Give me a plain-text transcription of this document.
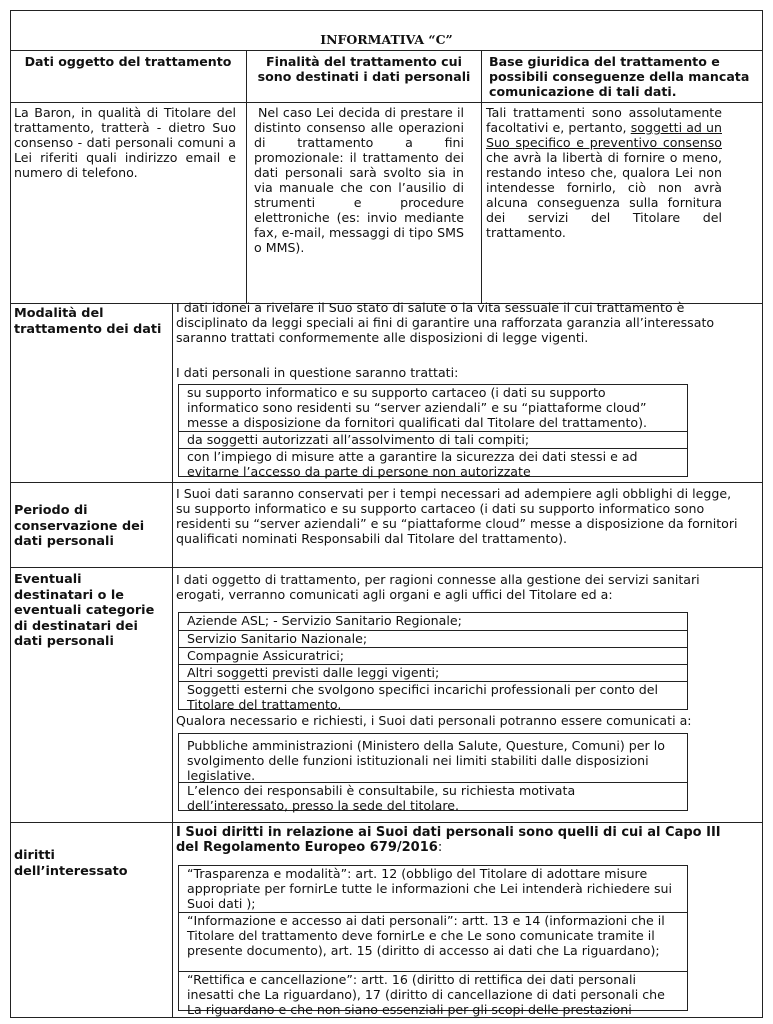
INFORMATIVA “C”
Dati oggetto del trattamento	Finalità del trattamento cui sono destinati i dati personali
Base giuridica del trattamento e possibili conseguenze della mancata comunicazione di tali dati.
La Baron, in qualità di Titolare del trattamento, tratterà - dietro Suo consenso - dati personali comuni a Lei riferiti quali indirizzo email e numero di telefono.
Nel caso Lei decida di prestare il distinto consenso alle operazioni di trattamento a fini promozionale: il trattamento dei dati personali sarà svolto sia in via manuale che con l’ausilio di strumenti e procedure elettroniche (es: invio mediante fax, e-mail, messaggi di tipo SMS o MMS).
Tali trattamenti sono assolutamente facoltativi e, pertanto, soggetti ad un Suo specifico e preventivo consenso che avrà la libertà di fornire o meno, restando inteso che, qualora Lei non intendesse fornirlo, ciò non avrà alcuna conseguenza sulla fornitura dei servizi del Titolare del trattamento.
Modalità del trattamento dei dati
I dati idonei a rivelare il Suo stato di salute o la vita sessuale il cui trattamento è disciplinato da leggi speciali ai fini di garantire una rafforzata garanzia all’interessato saranno trattati conformemente alle disposizioni di legge vigenti.
I dati personali in questione saranno trattati:
su supporto informatico e su supporto cartaceo (i dati su supporto informatico sono residenti su “server aziendali” e su “piattaforme cloud” messe a disposizione da fornitori qualificati dal Titolare del trattamento).
da soggetti autorizzati all’assolvimento di tali compiti;
con l’impiego di misure atte a garantire la sicurezza dei dati stessi e ad evitarne l’accesso da parte di persone non autorizzate
Periodo di conservazione dei dati personali
I Suoi dati saranno conservati per i tempi necessari ad adempiere agli obblighi di legge, su supporto informatico e su supporto cartaceo (i dati su supporto informatico sono residenti su “server aziendali” e su “piattaforme cloud” messe a disposizione da fornitori qualificati nominati Responsabili dal Titolare del trattamento).
Eventuali destinatari o le eventuali categorie di destinatari dei dati personali
I dati oggetto di trattamento, per ragioni connesse alla gestione dei servizi sanitari erogati, verranno comunicati agli organi e agli uffici del Titolare ed a:
Aziende ASL; - Servizio Sanitario Regionale;
Servizio Sanitario Nazionale;
Compagnie Assicuratrici;
Altri soggetti previsti dalle leggi vigenti;
Soggetti esterni che svolgono specifici incarichi professionali per conto del Titolare del trattamento.
Qualora necessario e richiesti, i Suoi dati personali potranno essere comunicati a:
Pubbliche amministrazioni (Ministero della Salute, Questure, Comuni) per lo svolgimento delle funzioni istituzionali nei limiti stabiliti dalle disposizioni legislative.
L’elenco dei responsabili è consultabile, su richiesta motivata dell’interessato, presso la sede del titolare.
diritti dell’interessato
I Suoi diritti in relazione ai Suoi dati personali sono quelli di cui al Capo III del Regolamento Europeo 679/2016:
“Trasparenza e modalità”: art. 12 (obbligo del Titolare di adottare misure appropriate per fornirLe tutte le informazioni che Lei intenderà richiedere sui Suoi dati );
“Informazione e accesso ai dati personali”: artt. 13 e 14 (informazioni che il Titolare del trattamento deve fornirLe e che Le sono comunicate tramite il presente documento), art. 15 (diritto di accesso ai dati che La riguardano);
“Rettifica e cancellazione”: artt. 16 (diritto di rettifica dei dati personali inesatti che La riguardano), 17 (diritto di cancellazione di dati personali che La riguardano e che non siano essenziali per gli scopi delle prestazioni
